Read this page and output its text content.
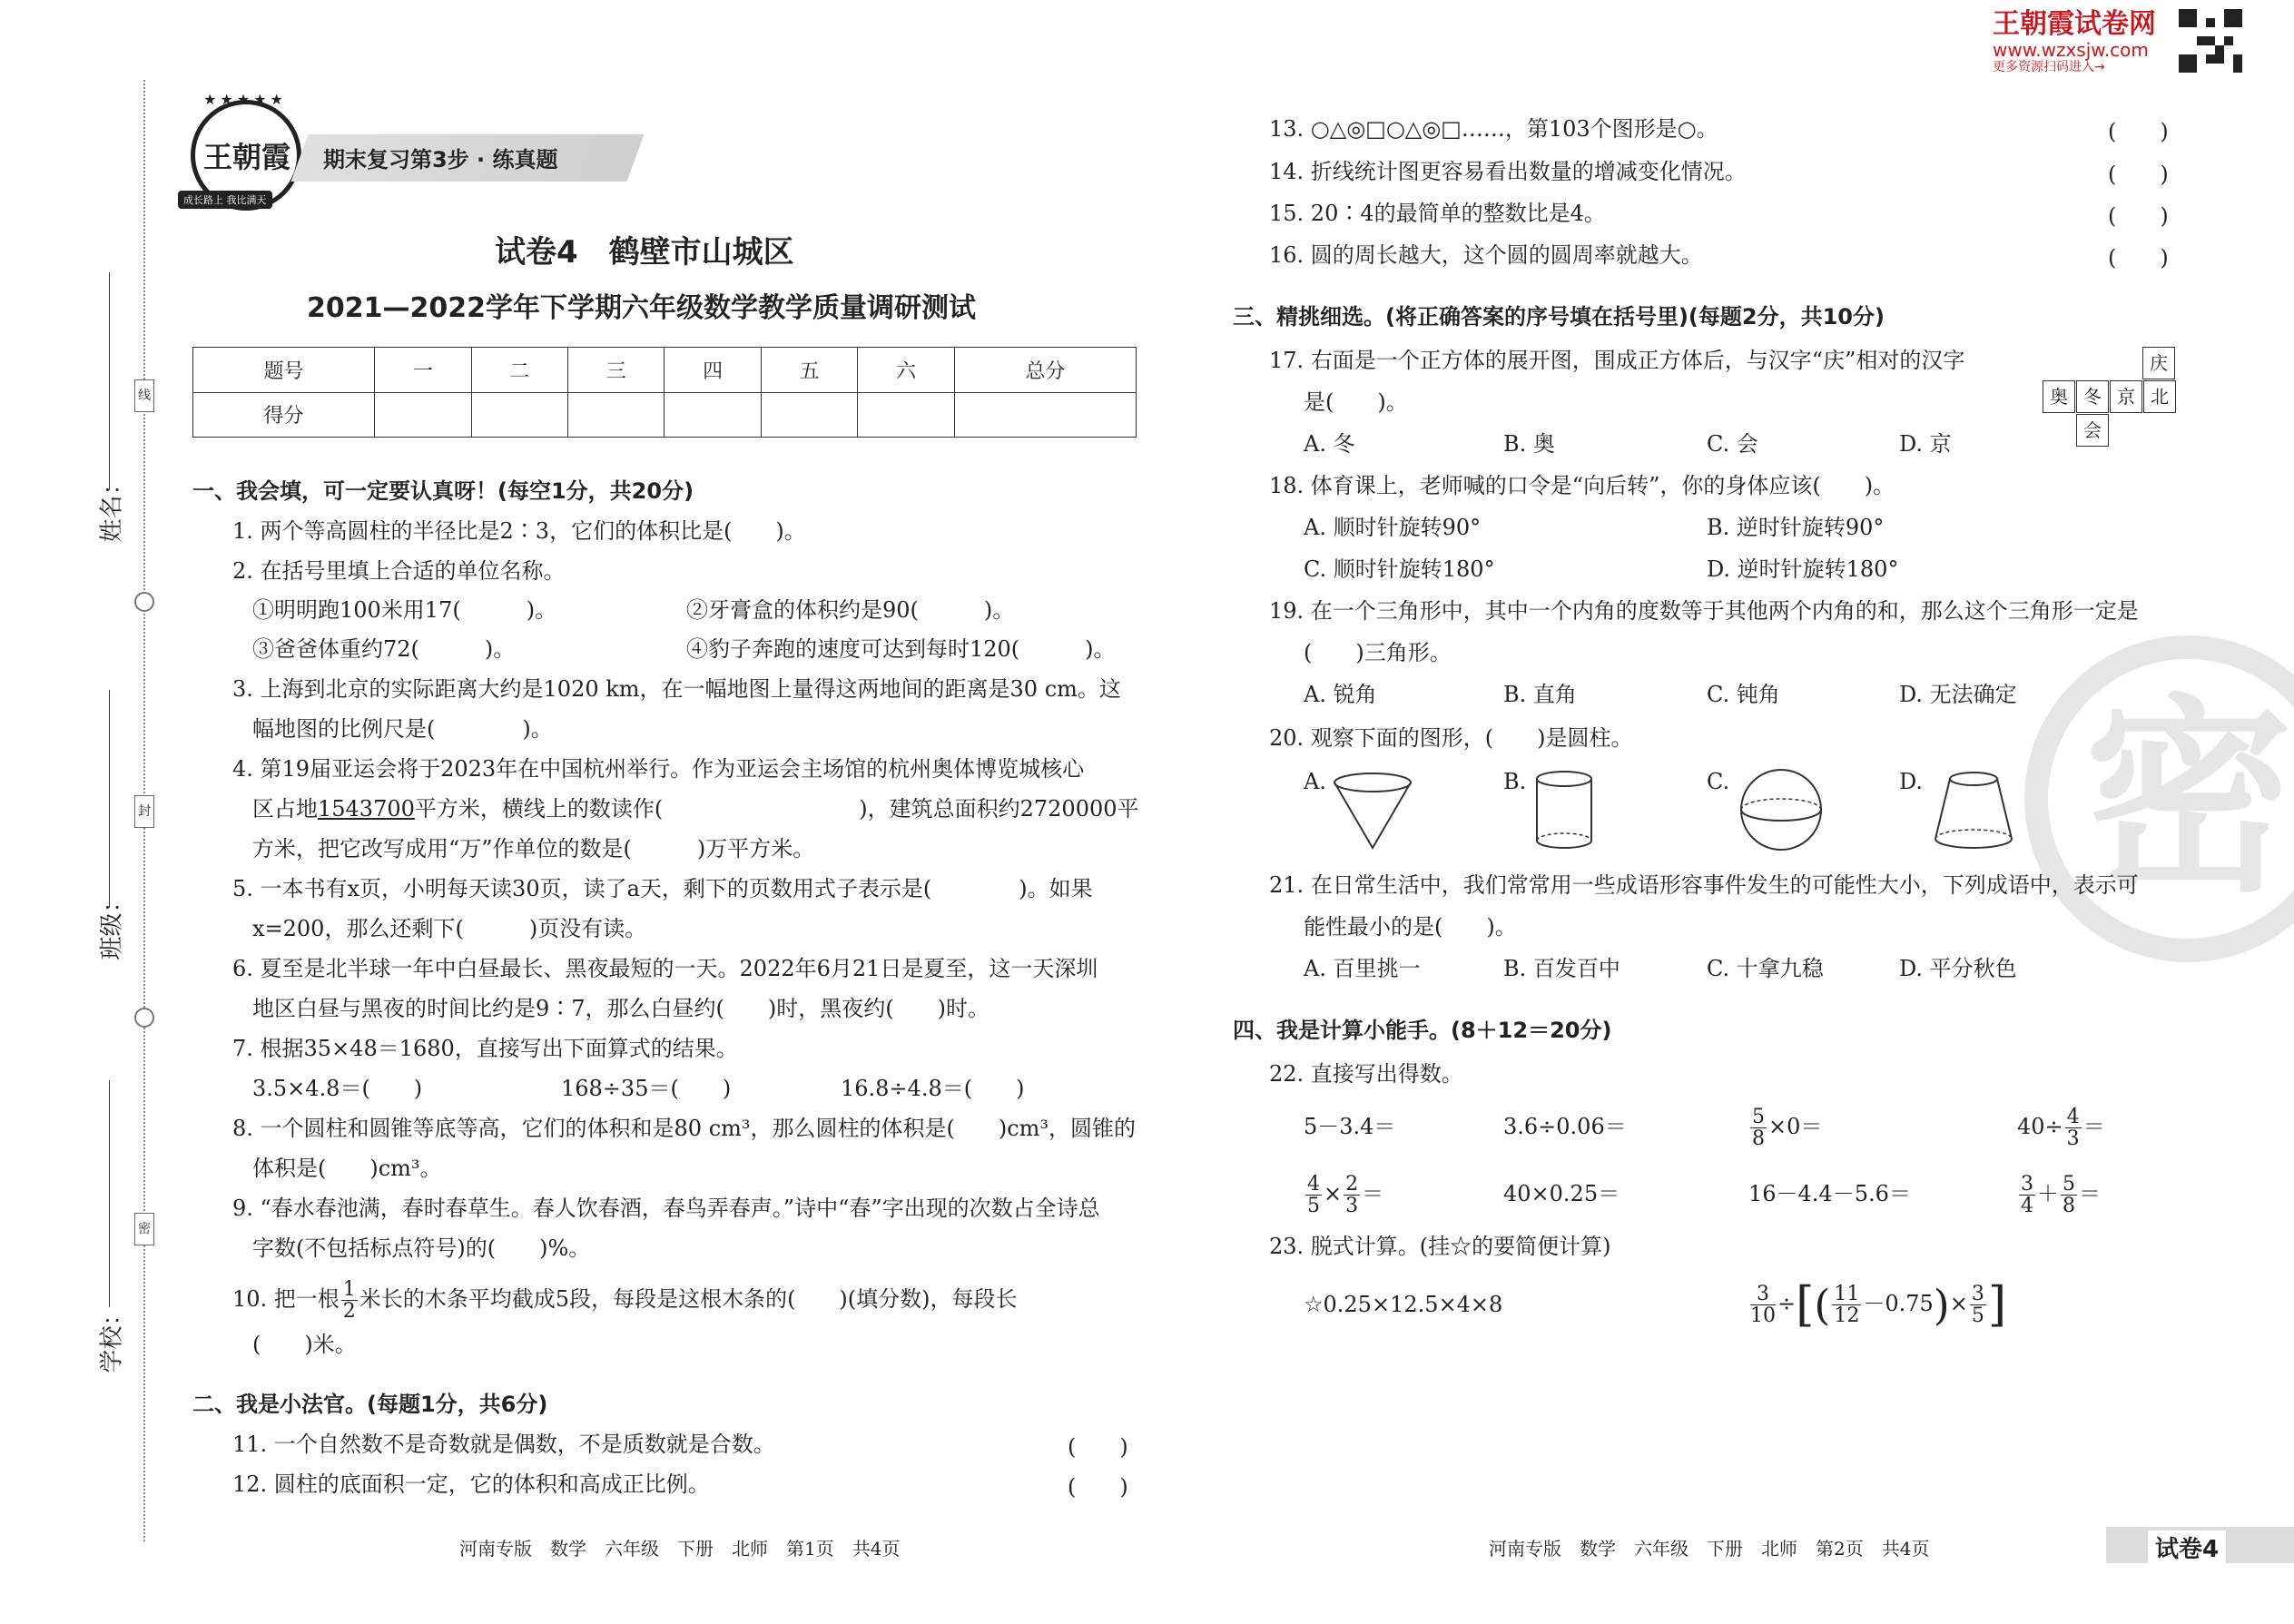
王朝霞试卷网
www.wzxsjw.com
更多资源扫码进入→
密
线
封
密
姓名：
班级：
学校：
★★★★★
王朝霞
成长路上 我比满天
期末复习第3步 · 练真题
试卷4　鹤壁市山城区
2021—2022学年下学期六年级数学教学质量调研测试
题号	一	二	三	四	五	六	总分
得分							
一、我会填，可一定要认真呀！(每空1分，共20分)
1. 两个等高圆柱的半径比是2∶3，它们的体积比是(　　)。
2. 在括号里填上合适的单位名称。
①明明跑100米用17(　　　)。	②牙膏盒的体积约是90(　　　)。
③爸爸体重约72(　　　)。	④豹子奔跑的速度可达到每时120(　　　)。
3. 上海到北京的实际距离大约是1020 km，在一幅地图上量得这两地间的距离是30 cm。这
幅地图的比例尺是(　　　　)。
4. 第19届亚运会将于2023年在中国杭州举行。作为亚运会主场馆的杭州奥体博览城核心
区占地1543700平方米，横线上的数读作(　　　　　　　　　)，建筑总面积约2720000平
方米，把它改写成用“万”作单位的数是(　　　)万平方米。
5. 一本书有x页，小明每天读30页，读了a天，剩下的页数用式子表示是(　　　　)。如果
x=200，那么还剩下(　　　)页没有读。
6. 夏至是北半球一年中白昼最长、黑夜最短的一天。2022年6月21日是夏至，这一天深圳
地区白昼与黑夜的时间比约是9∶7，那么白昼约(　　)时，黑夜约(　　)时。
7. 根据35×48＝1680，直接写出下面算式的结果。
3.5×4.8＝(　　)	168÷35＝(　　)	16.8÷4.8＝(　　)
8. 一个圆柱和圆锥等底等高，它们的体积和是80 cm³，那么圆柱的体积是(　　)cm³，圆锥的
体积是(　　)cm³。
9. “春水春池满，春时春草生。春人饮春酒，春鸟弄春声。”诗中“春”字出现的次数占全诗总
字数(不包括标点符号)的(　　)%。
10. 把一根 $\frac{1}{2}$ 米长的木条平均截成5段，每段是这根木条的(　　)(填分数)，每段长
(　　)米。
二、我是小法官。(每题1分，共6分)
11. 一个自然数不是奇数就是偶数，不是质数就是合数。	(　　)
12. 圆柱的底面积一定，它的体积和高成正比例。	(　　)
河南专版　数学　六年级　下册　北师　第1页　共4页
13. ○△◎□○△◎□……，第103个图形是○。	(　　)
14. 折线统计图更容易看出数量的增减变化情况。	(　　)
15. 20∶4的最简单的整数比是4。	(　　)
16. 圆的周长越大，这个圆的圆周率就越大。	(　　)
三、精挑细选。(将正确答案的序号填在括号里)(每题2分，共10分)
17. 右面是一个正方体的展开图，围成正方体后，与汉字“庆”相对的汉字
是(　　)。
A. 冬	B. 奥	C. 会	D. 京
庆
奥 冬 京 北
会
18. 体育课上，老师喊的口令是“向后转”，你的身体应该(　　)。
A. 顺时针旋转90°	B. 逆时针旋转90°
C. 顺时针旋转180°	D. 逆时针旋转180°
19. 在一个三角形中，其中一个内角的度数等于其他两个内角的和，那么这个三角形一定是
(　　)三角形。
A. 锐角	B. 直角	C. 钝角	D. 无法确定
20. 观察下面的图形，(　　)是圆柱。
A.	B.	C.	D.
21. 在日常生活中，我们常常用一些成语形容事件发生的可能性大小，下列成语中，表示可
能性最小的是(　　)。
A. 百里挑一	B. 百发百中	C. 十拿九稳	D. 平分秋色
四、我是计算小能手。(8＋12＝20分)
22. 直接写出得数。
5－3.4＝	3.6÷0.06＝	$\frac{5}{8} \times 0=$	$40\div \frac{4}{3}$ ＝
$\frac{4}{5} \times \frac{2}{3}$ ＝	40×0.25＝	16－4.4－5.6＝	$\frac{3}{4} + \frac{5}{8}$ ＝
23. 脱式计算。(挂☆的要简便计算)
☆0.25×12.5×4×8	$\frac{3}{10}$ ÷[( $\frac{11}{12} -0.75)\times \frac{3}{5}$ ]
河南专版　数学　六年级　下册　北师　第2页　共4页	试卷4
